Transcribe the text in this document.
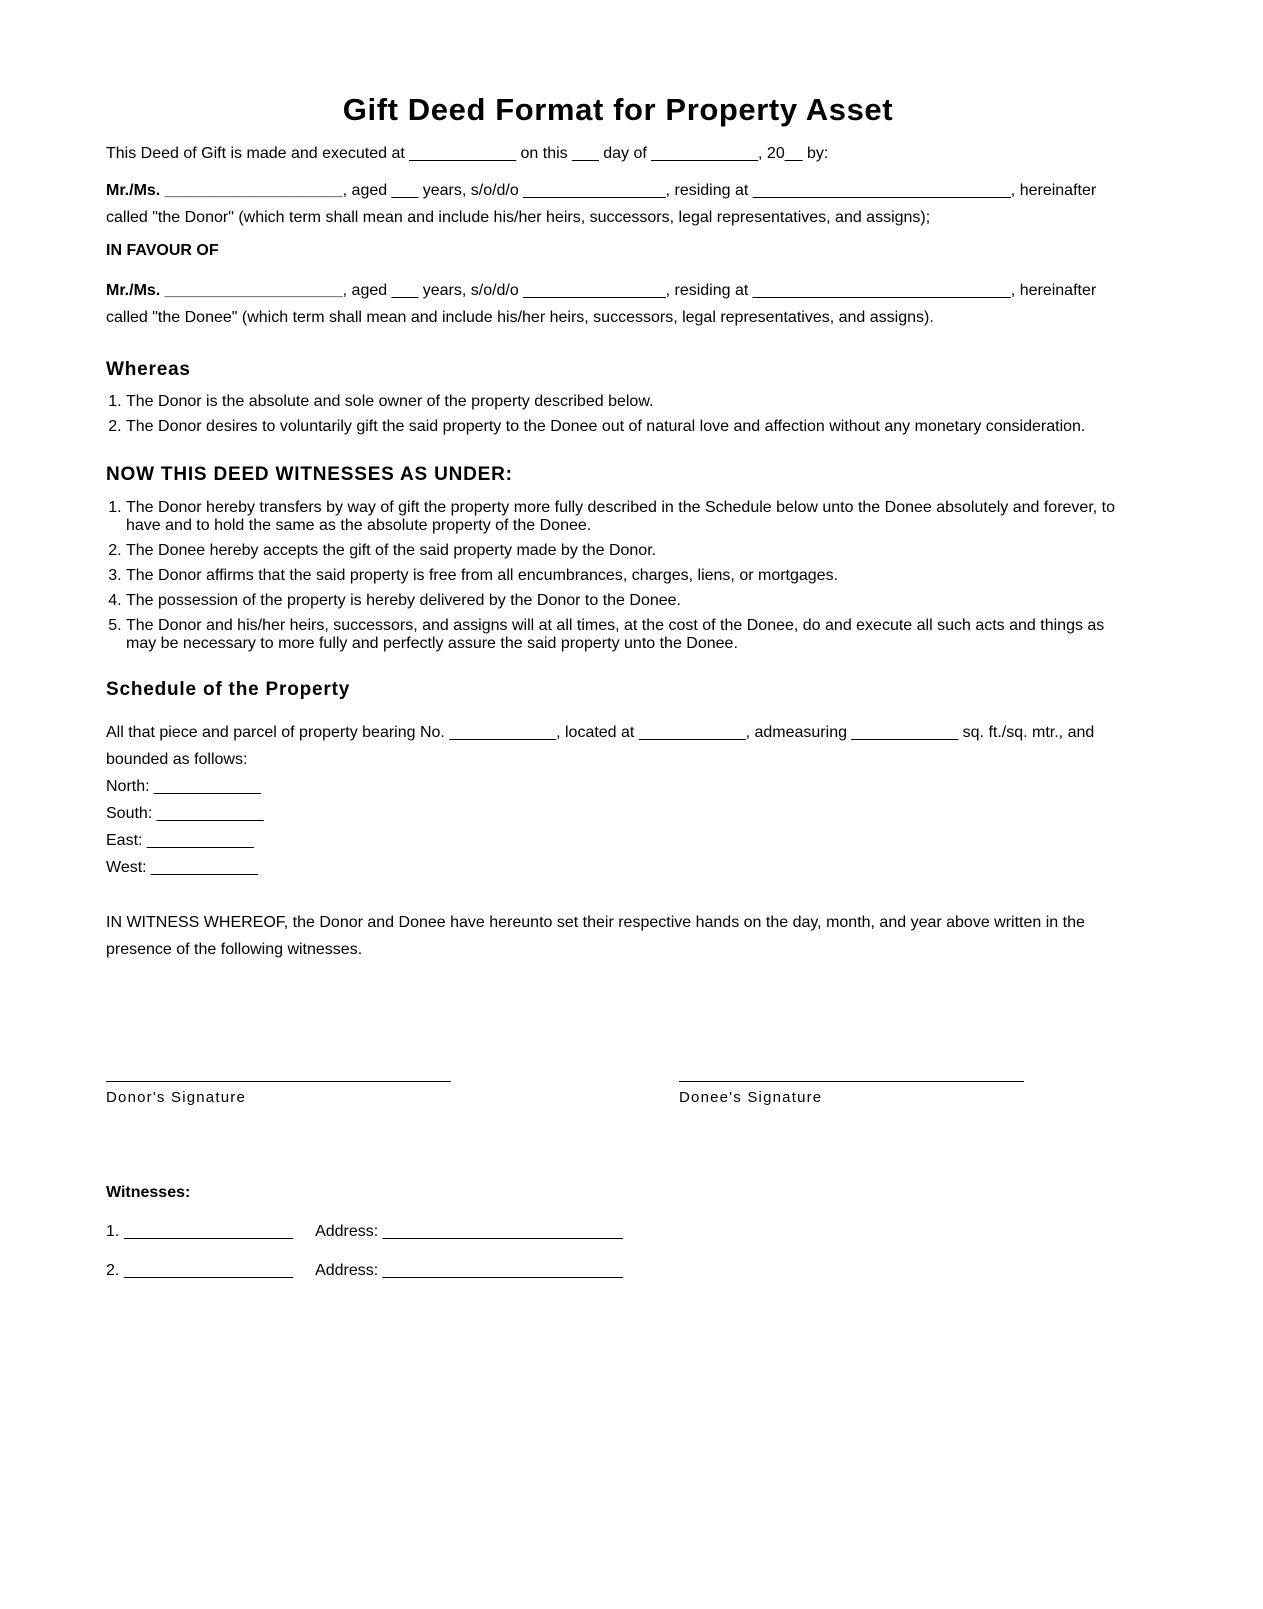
Gift Deed Format for Property Asset

This Deed of Gift is made and executed at ____________ on this ___ day of ____________, 20__ by:

Mr./Ms. ____________________, aged ___ years, s/o/d/o ________________, residing at _____________________________, hereinafter called "the Donor" (which term shall mean and include his/her heirs, successors, legal representatives, and assigns);

IN FAVOUR OF

Mr./Ms. ____________________, aged ___ years, s/o/d/o ________________, residing at _____________________________, hereinafter called "the Donee" (which term shall mean and include his/her heirs, successors, legal representatives, and assigns).

Whereas
1. The Donor is the absolute and sole owner of the property described below.
2. The Donor desires to voluntarily gift the said property to the Donee out of natural love and affection without any monetary consideration.
NOW THIS DEED WITNESSES AS UNDER:
1. The Donor hereby transfers by way of gift the property more fully described in the Schedule below unto the Donee absolutely and forever, to have and to hold the same as the absolute property of the Donee.
2. The Donee hereby accepts the gift of the said property made by the Donor.
3. The Donor affirms that the said property is free from all encumbrances, charges, liens, or mortgages.
4. The possession of the property is hereby delivered by the Donor to the Donee.
5. The Donor and his/her heirs, successors, and assigns will at all times, at the cost of the Donee, do and execute all such acts and things as may be necessary to more fully and perfectly assure the said property unto the Donee.
Schedule of the Property

All that piece and parcel of property bearing No. ____________, located at ____________, admeasuring ____________ sq. ft./sq. mtr., and bounded as follows:

North: ____________

South: ____________

East: ____________

West: ____________

IN WITNESS WHEREOF, the Donor and Donee have hereunto set their respective hands on the day, month, and year above written in the presence of the following witnesses.

Donor's Signature	Donee's Signature

Witnesses:

1. ___________________ Address: ___________________________
2. ___________________ Address: ___________________________
